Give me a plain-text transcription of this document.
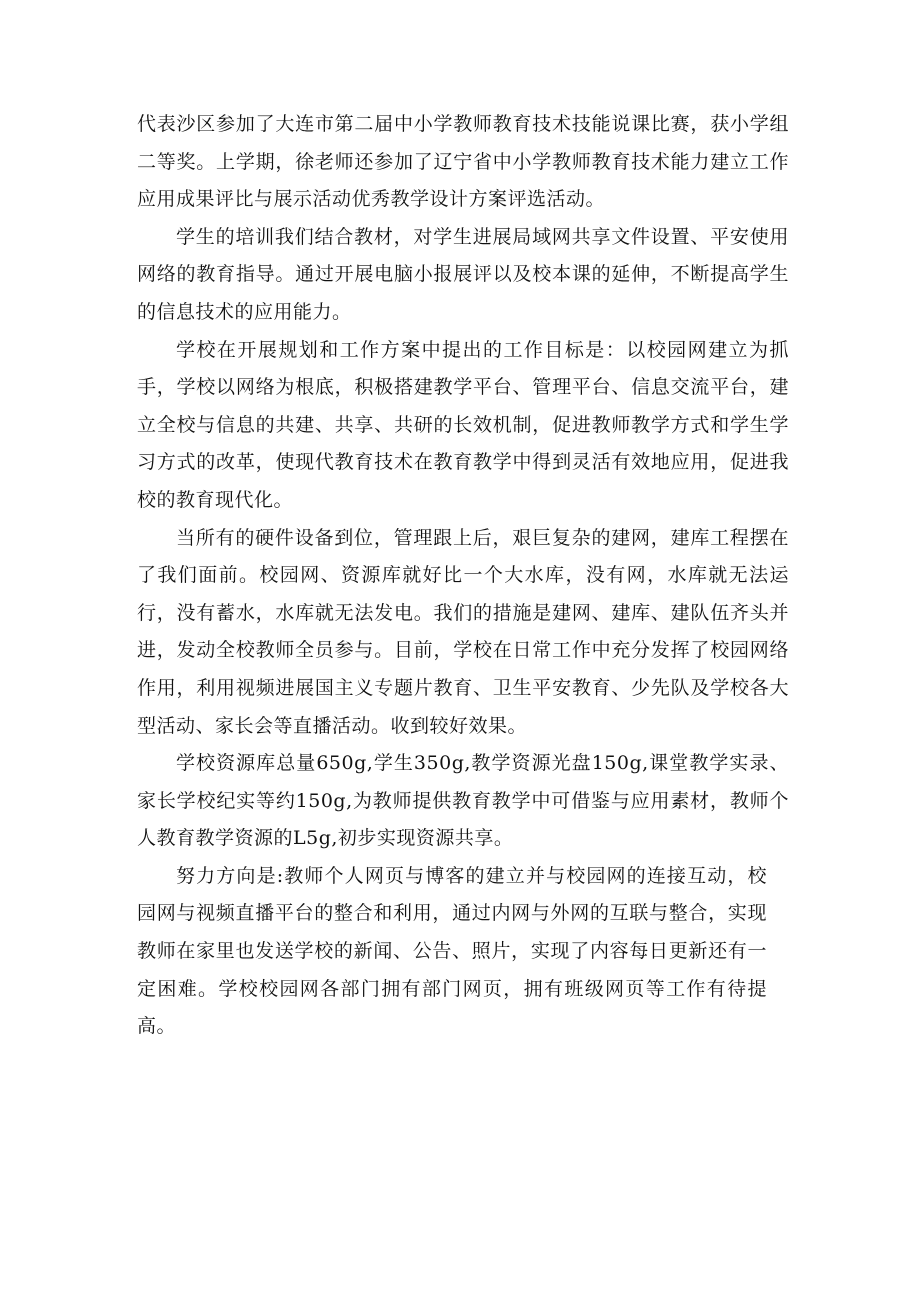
代表沙区参加了大连市第二届中小学教师教育技术技能说课比赛，获小学组二等奖。上学期，徐老师还参加了辽宁省中小学教师教育技术能力建立工作应用成果评比与展示活动优秀教学设计方案评选活动。

学生的培训我们结合教材，对学生进展局域网共享文件设置、平安使用网络的教育指导。通过开展电脑小报展评以及校本课的延伸，不断提高学生的信息技术的应用能力。

学校在开展规划和工作方案中提出的工作目标是：以校园网建立为抓手，学校以网络为根底，积极搭建教学平台、管理平台、信息交流平台，建立全校与信息的共建、共享、共研的长效机制，促进教师教学方式和学生学习方式的改革，使现代教育技术在教育教学中得到灵活有效地应用，促进我校的教育现代化。

当所有的硬件设备到位，管理跟上后，艰巨复杂的建网，建库工程摆在了我们面前。校园网、资源库就好比一个大水库，没有网，水库就无法运行，没有蓄水，水库就无法发电。我们的措施是建网、建库、建队伍齐头并进，发动全校教师全员参与。目前，学校在日常工作中充分发挥了校园网络作用，利用视频进展国主义专题片教育、卫生平安教育、少先队及学校各大型活动、家长会等直播活动。收到较好效果。

学校资源库总量650g,学生350g,教学资源光盘150g,课堂教学实录、家长学校纪实等约150g,为教师提供教育教学中可借鉴与应用素材，教师个人教育教学资源的L5g,初步实现资源共享。

努力方向是:教师个人网页与博客的建立并与校园网的连接互动，校园网与视频直播平台的整合和利用，通过内网与外网的互联与整合，实现教师在家里也发送学校的新闻、公告、照片，实现了内容每日更新还有一定困难。学校校园网各部门拥有部门网页，拥有班级网页等工作有待提高。
